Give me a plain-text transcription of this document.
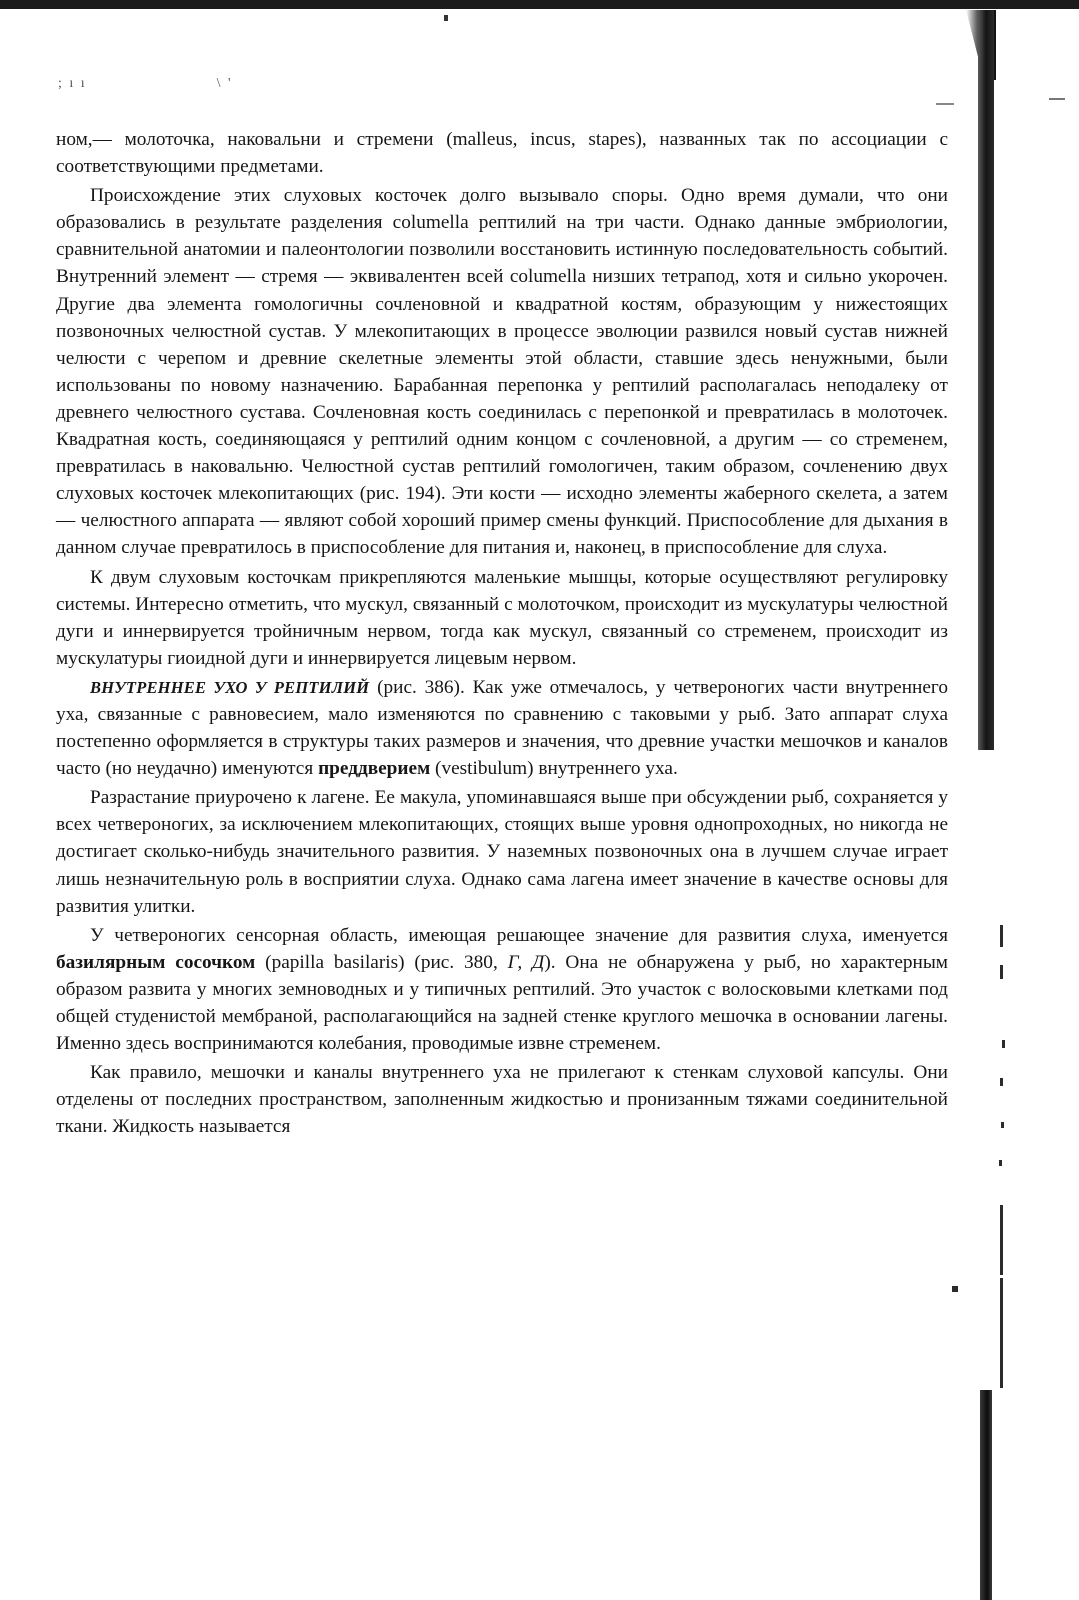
; ı ı	\ '

ном,— молоточка, наковальни и стремени (malleus, incus, stapes), названных так по ассоциации с соответствующими предметами.

Происхождение этих слуховых косточек долго вызывало споры. Одно время думали, что они образовались в результате разделения columella рептилий на три части. Однако данные эмбриологии, сравнительной анатомии и палеонтологии позволили восстановить истинную последовательность событий. Внутренний элемент — стремя — эквивалентен всей columella низших тетрапод, хотя и сильно укорочен. Другие два элемента гомологичны сочленовной и квадратной костям, образующим у нижестоящих позвоночных челюстной сустав. У млекопитающих в процессе эволюции развился новый сустав нижней челюсти с черепом и древние скелетные элементы этой области, ставшие здесь ненужными, были использованы по новому назначению. Барабанная перепонка у рептилий располагалась неподалеку от древнего челюстного сустава. Сочленовная кость соединилась с перепонкой и превратилась в молоточек. Квадратная кость, соединяющаяся у рептилий одним концом с сочленовной, а другим — со стременем, превратилась в наковальню. Челюстной сустав рептилий гомологичен, таким образом, сочленению двух слуховых косточек млекопитающих (рис. 194). Эти кости — исходно элементы жаберного скелета, а затем — челюстного аппарата — являют собой хороший пример смены функций. Приспособление для дыхания в данном случае превратилось в приспособление для питания и, наконец, в приспособление для слуха.

К двум слуховым косточкам прикрепляются маленькие мышцы, которые осуществляют регулировку системы. Интересно отметить, что мускул, связанный с молоточком, происходит из мускулатуры челюстной дуги и иннервируется тройничным нервом, тогда как мускул, связанный со стременем, происходит из мускулатуры гиоидной дуги и иннервируется лицевым нервом.

ВНУТРЕННЕЕ УХО У РЕПТИЛИЙ (рис. 386). Как уже отмечалось, у четвероногих части внутреннего уха, связанные с равновесием, мало изменяются по сравнению с таковыми у рыб. Зато аппарат слуха постепенно оформляется в структуры таких размеров и значения, что древние участки мешочков и каналов часто (но неудачно) именуются преддверием (vestibulum) внутреннего уха.

Разрастание приурочено к лагене. Ее макула, упоминавшаяся выше при обсуждении рыб, сохраняется у всех четвероногих, за исключением млекопитающих, стоящих выше уровня однопроходных, но никогда не достигает сколько-нибудь значительного развития. У наземных позвоночных она в лучшем случае играет лишь незначительную роль в восприятии слуха. Однако сама лагена имеет значение в качестве основы для развития улитки.

У четвероногих сенсорная область, имеющая решающее значение для развития слуха, именуется базилярным сосочком (papilla basilaris) (рис. 380, Г, Д). Она не обнаружена у рыб, но характерным образом развита у многих земноводных и у типичных рептилий. Это участок с волосковыми клетками под общей студенистой мембраной, располагающийся на задней стенке круглого мешочка в основании лагены. Именно здесь воспринимаются колебания, проводимые извне стременем.

Как правило, мешочки и каналы внутреннего уха не прилегают к стенкам слуховой капсулы. Они отделены от последних пространством, заполненным жидкостью и пронизанным тяжами соединительной ткани. Жидкость называется
